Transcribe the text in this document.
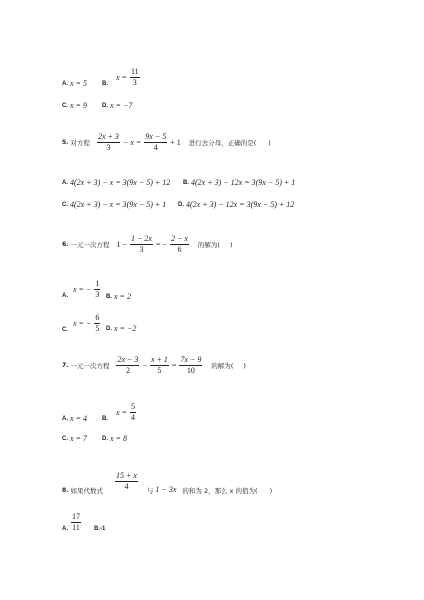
A. x = 5	B.
$x = \frac{11}{3}$
C. x = 9	D. x = −7
5. 对方程 $\frac{2x + 3}{3} - x = \frac{9x - 5}{4} + 1$ 进行去分母，正确的是( )
A. 4(2x + 3) − x = 3(9x − 5) + 12 B. 4(2x + 3) − 12x = 3(9x − 5) + 1
C. 4(2x + 3) − x = 3(9x − 5) + 1 D. 4(2x + 3) − 12x = 3(9x − 5) + 12
6. 一元一次方程 $1 - \frac{1 - 2x}{3}$ = − $\frac{2 - x}{6}$ 的解为( )
A.
x = − $\frac{1}{3} B$. x = 2
C.
x = − $\frac{6}{5} D$. x = −2
7. 一元一次方程 $\frac{2x - 3}{2} - \frac{x + 1}{5} = \frac{7x - 9}{10}$ 的解为( )
A. x = 4	B.
$x = \frac{5}{4}$
C. x = 7	D. x = 8
8. 如果代数式 $\frac{15 + x}{4}$ 与 1 − 3x 的和为 2，那么 x 的值为( )
A. $\frac{17}{11} B.-1$
